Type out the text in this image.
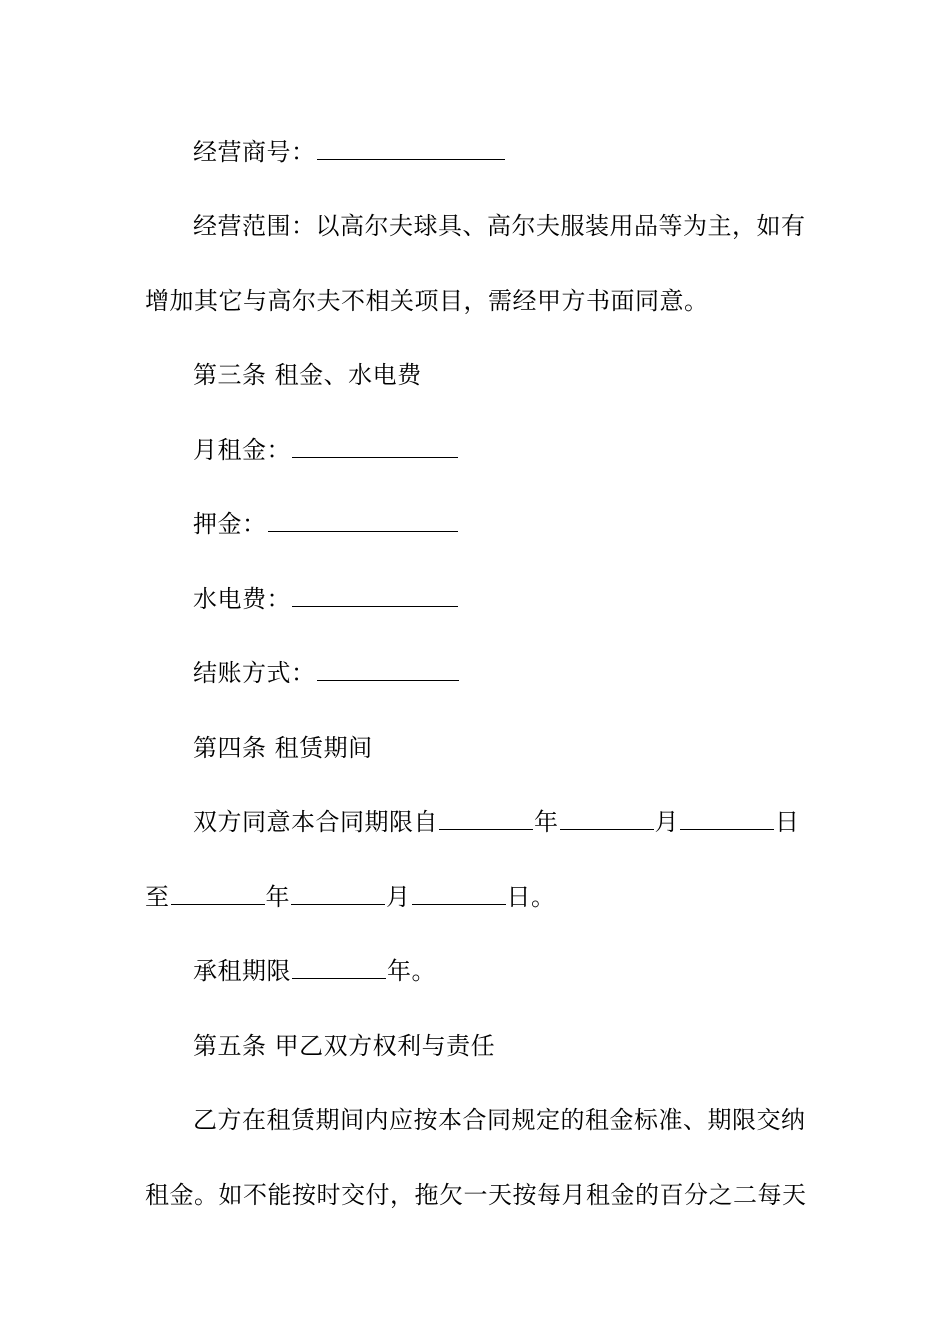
经营商号：
经营范围：以高尔夫球具、高尔夫服装用品等为主，如有
增加其它与高尔夫不相关项目，需经甲方书面同意。
第三条 租金、水电费
月租金：
押金：
水电费：
结账方式：
第四条 租赁期间
双方同意本合同期限自	年	月	日
至	年	月	日。
承租期限	年。
第五条 甲乙双方权利与责任
乙方在租赁期间内应按本合同规定的租金标准、期限交纳
租金。如不能按时交付，拖欠一天按每月租金的百分之二每天
